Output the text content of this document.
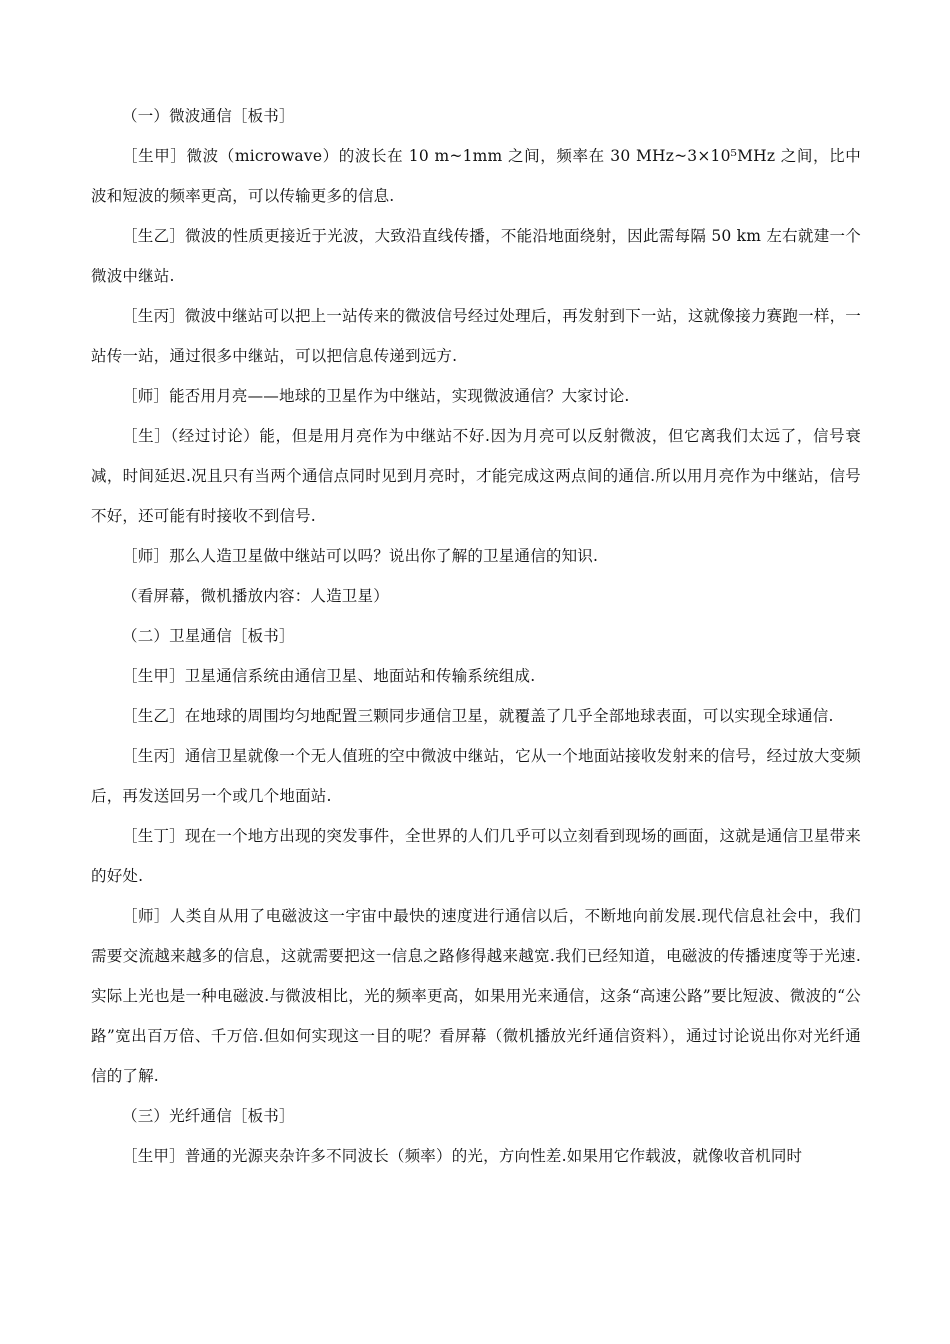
（一）微波通信［板书］

［生甲］微波（microwave）的波长在 10 m~1mm 之间，频率在 30 MHz~3×10⁵MHz 之间，比中波和短波的频率更高，可以传输更多的信息.

［生乙］微波的性质更接近于光波，大致沿直线传播，不能沿地面绕射，因此需每隔 50 km 左右就建一个微波中继站.

［生丙］微波中继站可以把上一站传来的微波信号经过处理后，再发射到下一站，这就像接力赛跑一样，一站传一站，通过很多中继站，可以把信息传递到远方.

［师］能否用月亮——地球的卫星作为中继站，实现微波通信？大家讨论.

［生］（经过讨论）能，但是用月亮作为中继站不好.因为月亮可以反射微波，但它离我们太远了，信号衰减，时间延迟.况且只有当两个通信点同时见到月亮时，才能完成这两点间的通信.所以用月亮作为中继站，信号不好，还可能有时接收不到信号.

［师］那么人造卫星做中继站可以吗？说出你了解的卫星通信的知识.

（看屏幕，微机播放内容：人造卫星）

（二）卫星通信［板书］

［生甲］卫星通信系统由通信卫星、地面站和传输系统组成.

［生乙］在地球的周围均匀地配置三颗同步通信卫星，就覆盖了几乎全部地球表面，可以实现全球通信.

［生丙］通信卫星就像一个无人值班的空中微波中继站，它从一个地面站接收发射来的信号，经过放大变频后，再发送回另一个或几个地面站.

［生丁］现在一个地方出现的突发事件，全世界的人们几乎可以立刻看到现场的画面，这就是通信卫星带来的好处.

［师］人类自从用了电磁波这一宇宙中最快的速度进行通信以后，不断地向前发展.现代信息社会中，我们需要交流越来越多的信息，这就需要把这一信息之路修得越来越宽.我们已经知道，电磁波的传播速度等于光速.实际上光也是一种电磁波.与微波相比，光的频率更高，如果用光来通信，这条“高速公路”要比短波、微波的“公路”宽出百万倍、千万倍.但如何实现这一目的呢？看屏幕（微机播放光纤通信资料），通过讨论说出你对光纤通信的了解.

（三）光纤通信［板书］

［生甲］普通的光源夹杂许多不同波长（频率）的光，方向性差.如果用它作载波，就像收音机同时
